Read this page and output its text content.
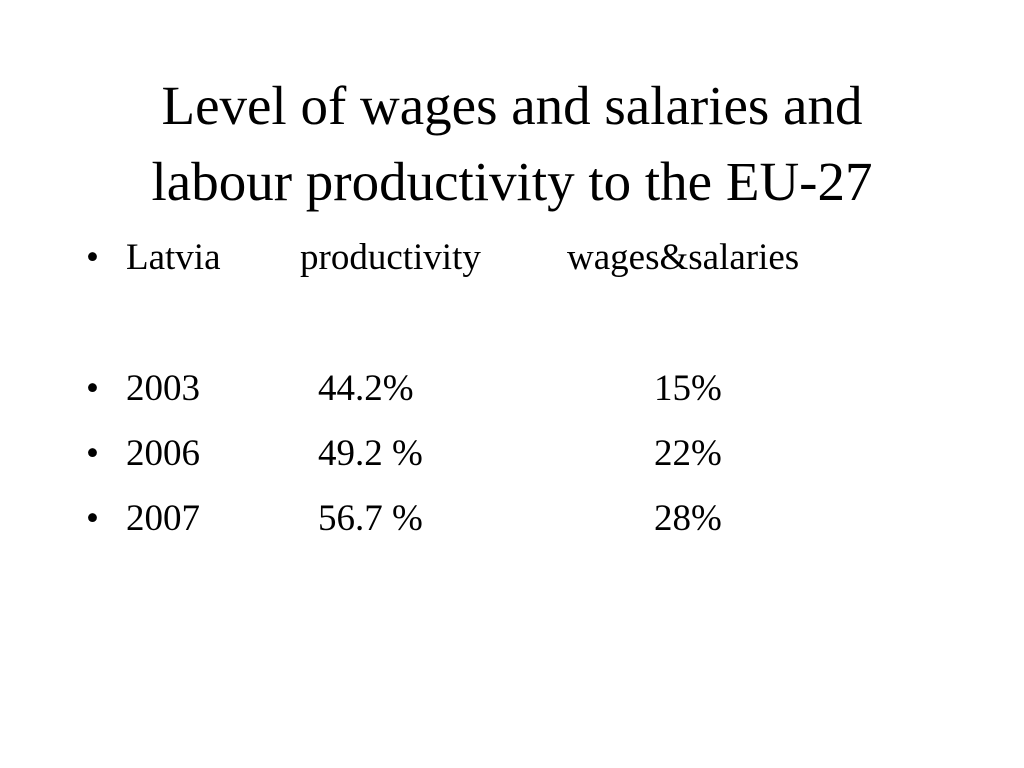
Level of wages and salaries and
labour productivity to the EU-27
• Latvia productivity wages&salaries
• 2003	44.2%	15%
• 2006	49.2 %	22%
• 2007	56.7 %	28%
